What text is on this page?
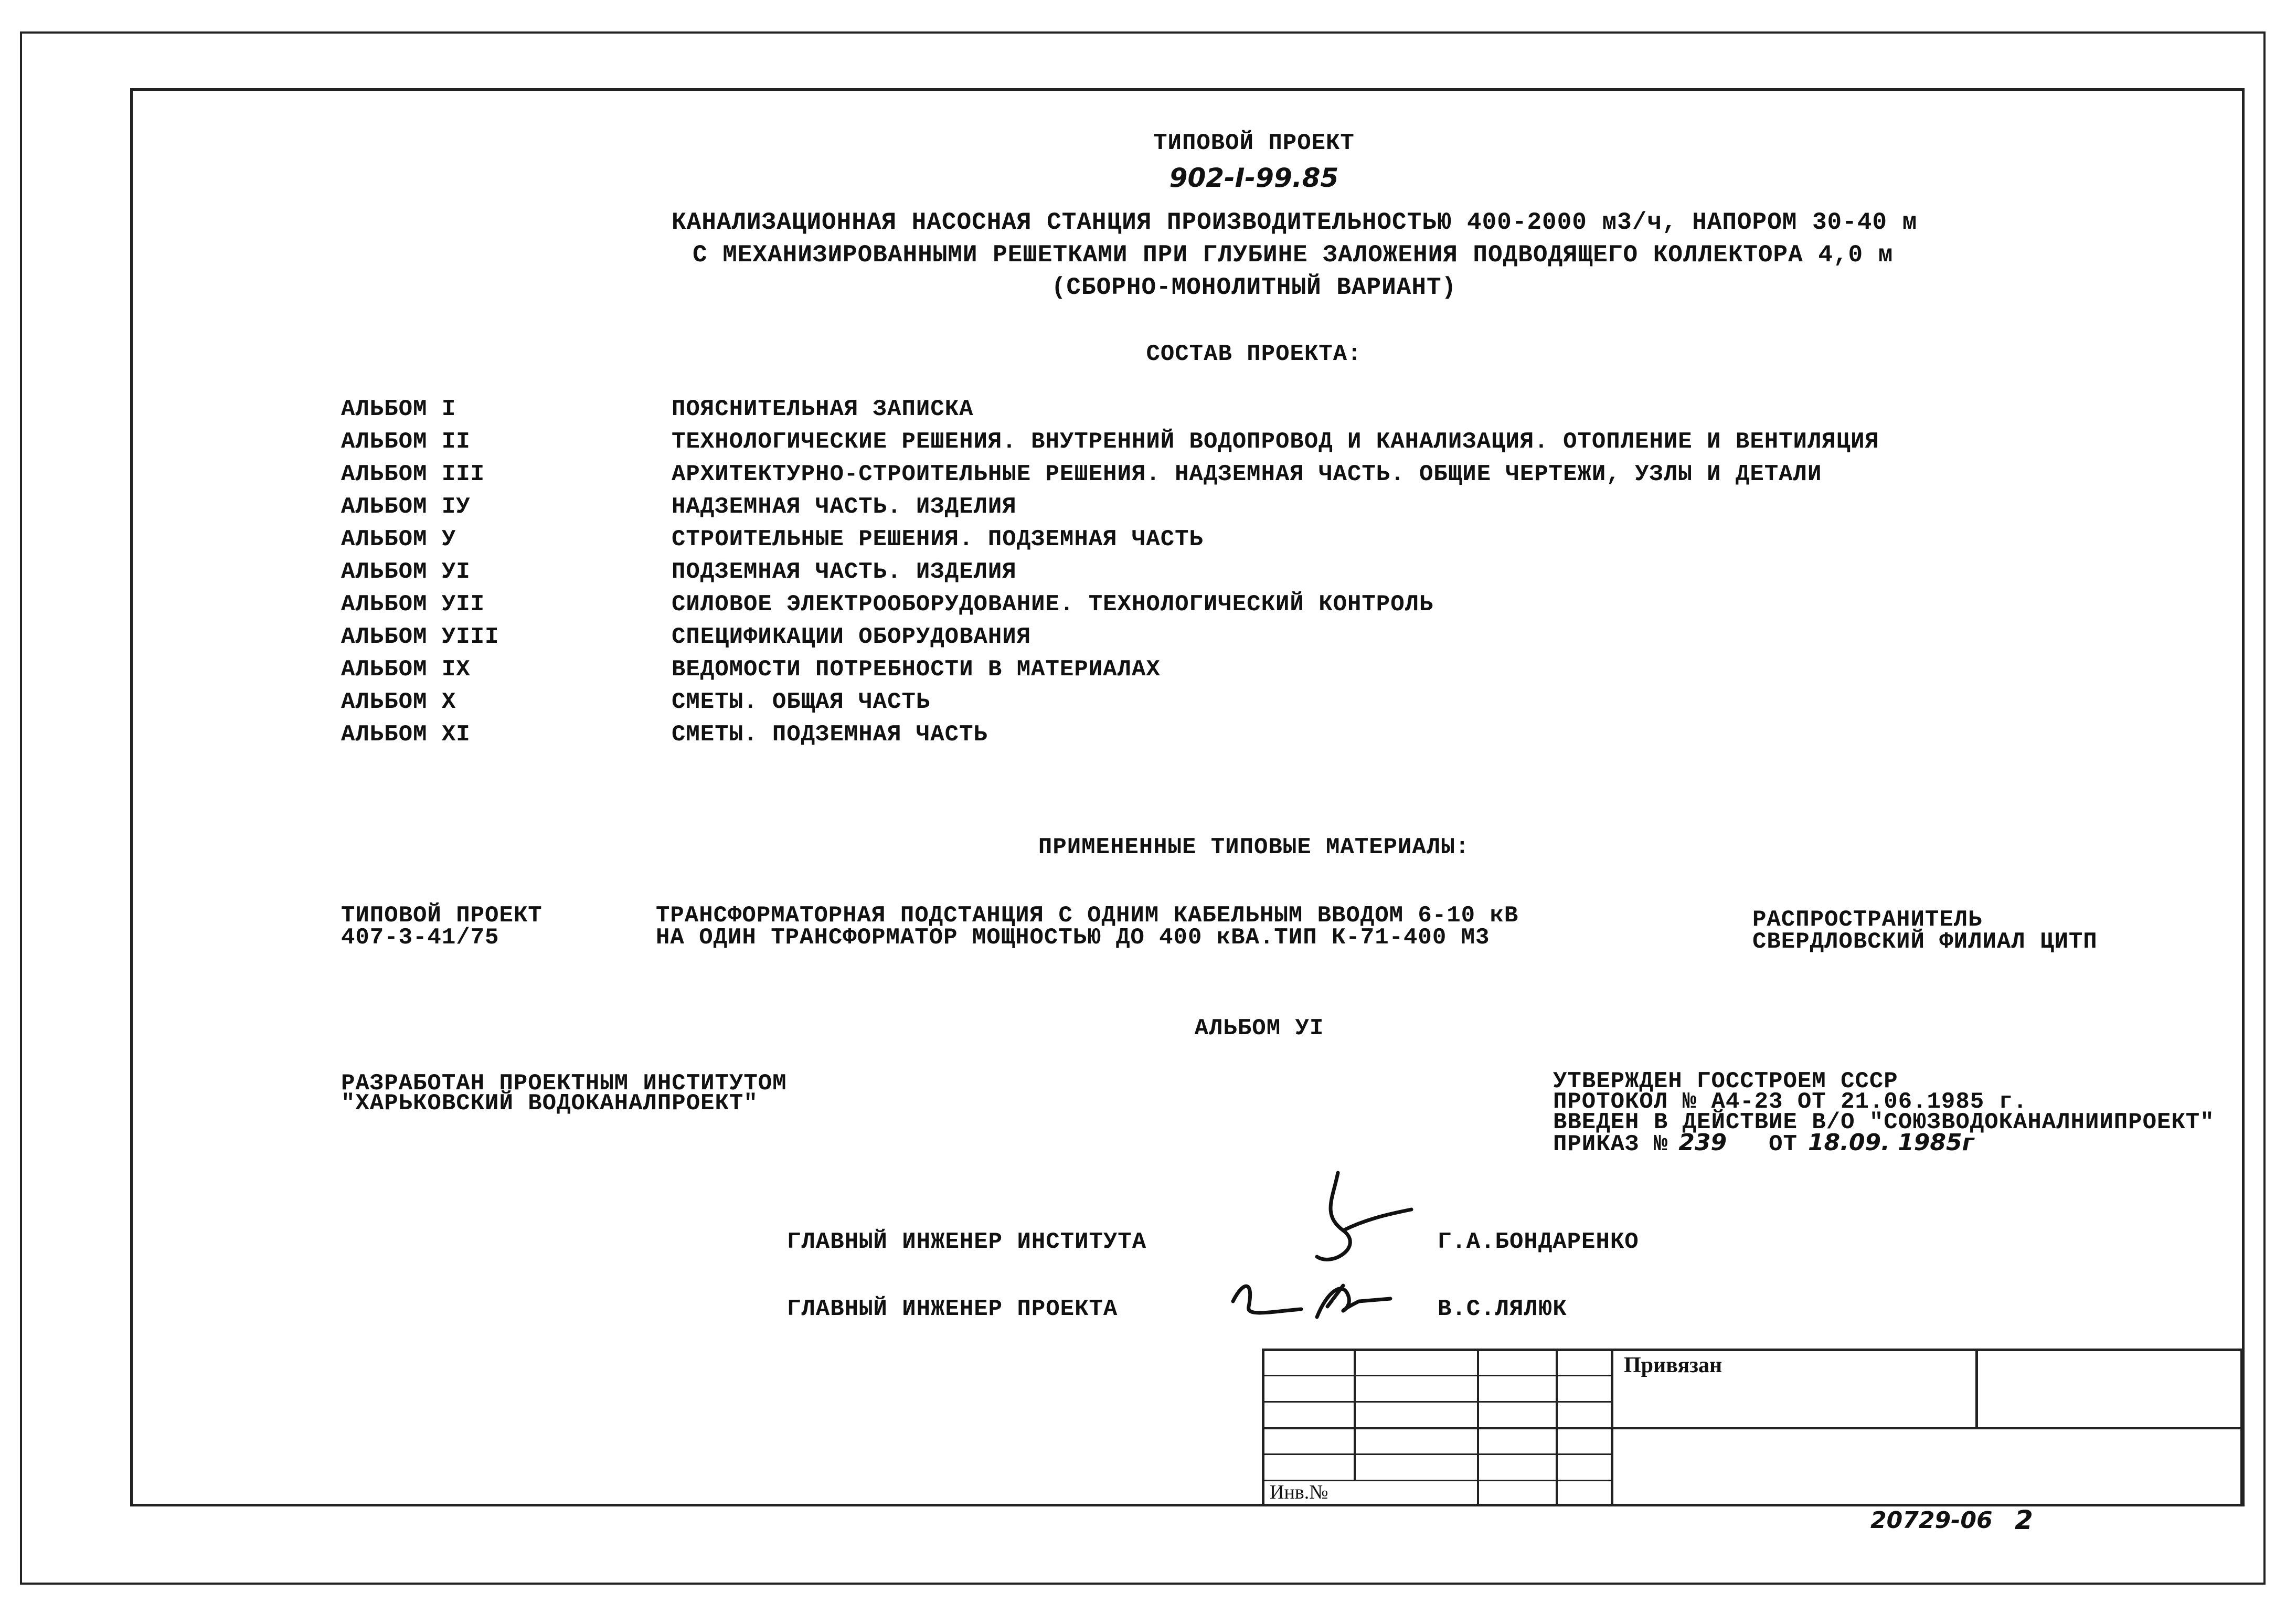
ТИПОВОЙ ПРОЕКТ
902-I-99.85
КАНАЛИЗАЦИОННАЯ НАСОСНАЯ СТАНЦИЯ ПРОИЗВОДИТЕЛЬНОСТЬЮ 400-2000 м3/ч, НАПОРОМ 30-40 м
С МЕХАНИЗИРОВАННЫМИ РЕШЕТКАМИ ПРИ ГЛУБИНЕ ЗАЛОЖЕНИЯ ПОДВОДЯЩЕГО КОЛЛЕКТОРА 4,0 м
(СБОРНО-МОНОЛИТНЫЙ ВАРИАНТ)
СОСТАВ ПРОЕКТА:
АЛЬБОМ I	ПОЯСНИТЕЛЬНАЯ ЗАПИСКА
АЛЬБОМ II	ТЕХНОЛОГИЧЕСКИЕ РЕШЕНИЯ. ВНУТРЕННИЙ ВОДОПРОВОД И КАНАЛИЗАЦИЯ. ОТОПЛЕНИЕ И ВЕНТИЛЯЦИЯ
АЛЬБОМ III	АРХИТЕКТУРНО-СТРОИТЕЛЬНЫЕ РЕШЕНИЯ. НАДЗЕМНАЯ ЧАСТЬ. ОБЩИЕ ЧЕРТЕЖИ, УЗЛЫ И ДЕТАЛИ
АЛЬБОМ IУ	НАДЗЕМНАЯ ЧАСТЬ. ИЗДЕЛИЯ
АЛЬБОМ У	СТРОИТЕЛЬНЫЕ РЕШЕНИЯ. ПОДЗЕМНАЯ ЧАСТЬ
АЛЬБОМ УI	ПОДЗЕМНАЯ ЧАСТЬ. ИЗДЕЛИЯ
АЛЬБОМ УII	СИЛОВОЕ ЭЛЕКТРООБОРУДОВАНИЕ. ТЕХНОЛОГИЧЕСКИЙ КОНТРОЛЬ
АЛЬБОМ УIII	СПЕЦИФИКАЦИИ ОБОРУДОВАНИЯ
АЛЬБОМ IX	ВЕДОМОСТИ ПОТРЕБНОСТИ В МАТЕРИАЛАХ
АЛЬБОМ X	СМЕТЫ. ОБЩАЯ ЧАСТЬ
АЛЬБОМ XI	СМЕТЫ. ПОДЗЕМНАЯ ЧАСТЬ
ПРИМЕНЕННЫЕ ТИПОВЫЕ МАТЕРИАЛЫ:
ТИПОВОЙ ПРОЕКТ
407-3-41/75
ТРАНСФОРМАТОРНАЯ ПОДСТАНЦИЯ С ОДНИМ КАБЕЛЬНЫМ ВВОДОМ 6-10 кВ
НА ОДИН ТРАНСФОРМАТОР МОЩНОСТЬЮ ДО 400 кВА.ТИП К-71-400 М3
РАСПРОСТРАНИТЕЛЬ
СВЕРДЛОВСКИЙ ФИЛИАЛ ЦИТП
АЛЬБОМ УI
РАЗРАБОТАН ПРОЕКТНЫМ ИНСТИТУТОМ
"ХАРЬКОВСКИЙ ВОДОКАНАЛПРОЕКТ"
УТВЕРЖДЕН ГОССТРОЕМ СССР
ПРОТОКОЛ № А4-23 ОТ 21.06.1985 г.
ВВЕДЕН В ДЕЙСТВИЕ В/О "СОЮЗВОДОКАНАЛНИИПРОЕКТ"
ПРИКАЗ № 239 ОТ 18.09. 1985г
ГЛАВНЫЙ ИНЖЕНЕР ИНСТИТУТА	Г.А.БОНДАРЕНКО
ГЛАВНЫЙ ИНЖЕНЕР ПРОЕКТА	В.С.ЛЯЛЮК
Привязан
Инв.№
20729-06 2
